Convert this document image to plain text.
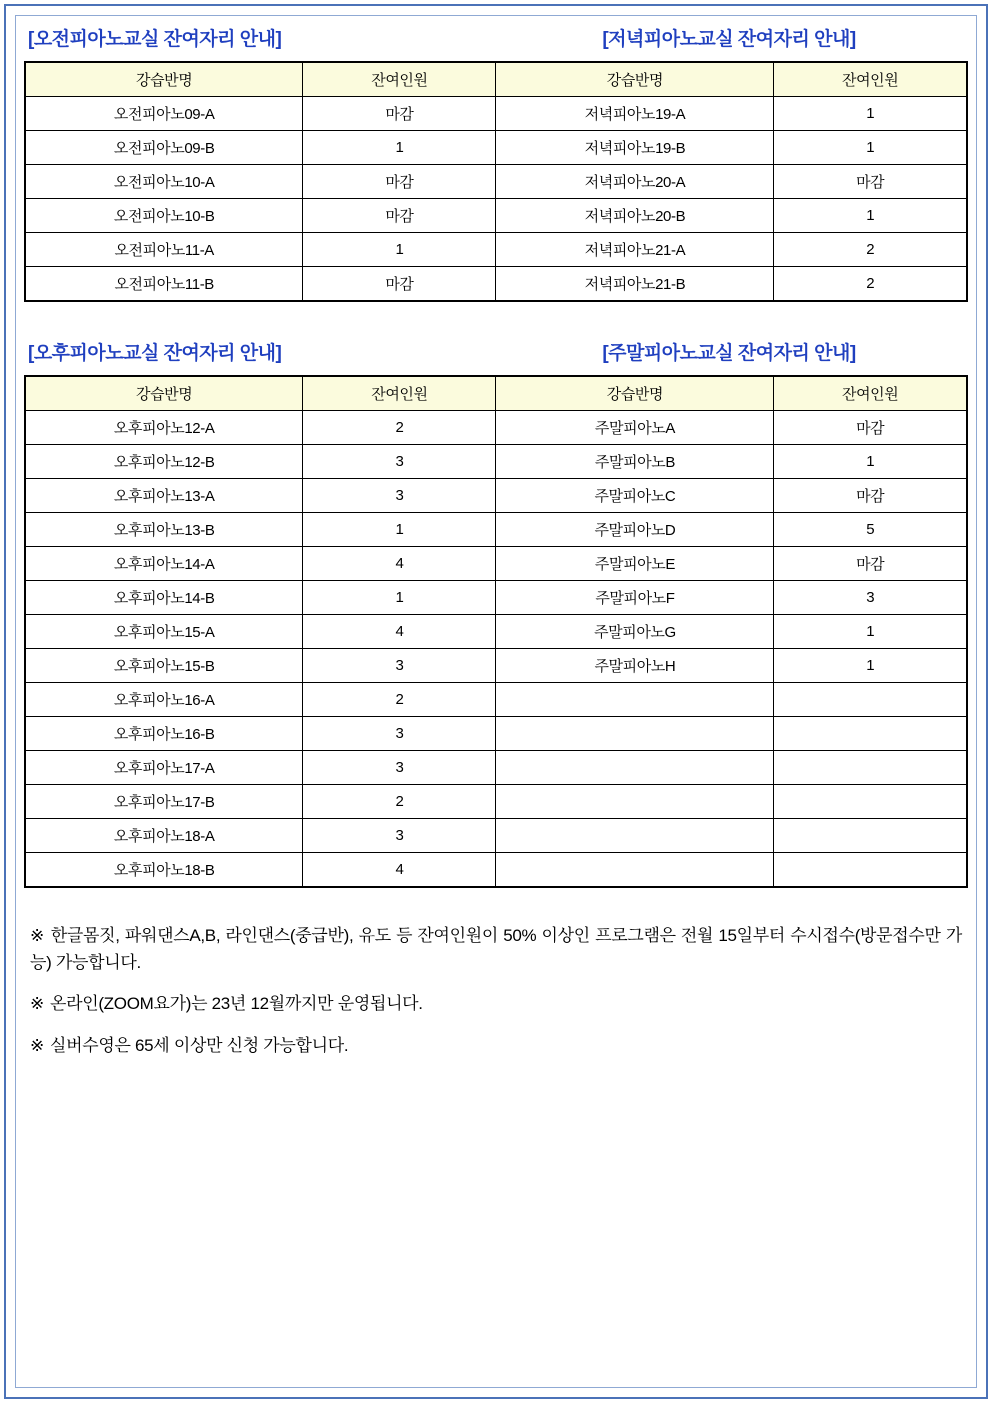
[오전피아노교실 잔여자리 안내]	[저녁피아노교실 잔여자리 안내]
강습반명	잔여인원	강습반명	잔여인원
오전피아노09-A	마감	저녁피아노19-A	1
오전피아노09-B	1	저녁피아노19-B	1
오전피아노10-A	마감	저녁피아노20-A	마감
오전피아노10-B	마감	저녁피아노20-B	1
오전피아노11-A	1	저녁피아노21-A	2
오전피아노11-B	마감	저녁피아노21-B	2
[오후피아노교실 잔여자리 안내]	[주말피아노교실 잔여자리 안내]
강습반명	잔여인원	강습반명	잔여인원
오후피아노12-A	2	주말피아노A	마감
오후피아노12-B	3	주말피아노B	1
오후피아노13-A	3	주말피아노C	마감
오후피아노13-B	1	주말피아노D	5
오후피아노14-A	4	주말피아노E	마감
오후피아노14-B	1	주말피아노F	3
오후피아노15-A	4	주말피아노G	1
오후피아노15-B	3	주말피아노H	1
오후피아노16-A	2		
오후피아노16-B	3		
오후피아노17-A	3		
오후피아노17-B	2		
오후피아노18-A	3		
오후피아노18-B	4		
※ 한글몸짓, 파워댄스A,B, 라인댄스(중급반), 유도 등 잔여인원이 50% 이상인 프로그램은 전월 15일부터 수시접수(방문접수만 가능) 가능합니다.
※ 온라인(ZOOM요가)는 23년 12월까지만 운영됩니다.
※ 실버수영은 65세 이상만 신청 가능합니다.
